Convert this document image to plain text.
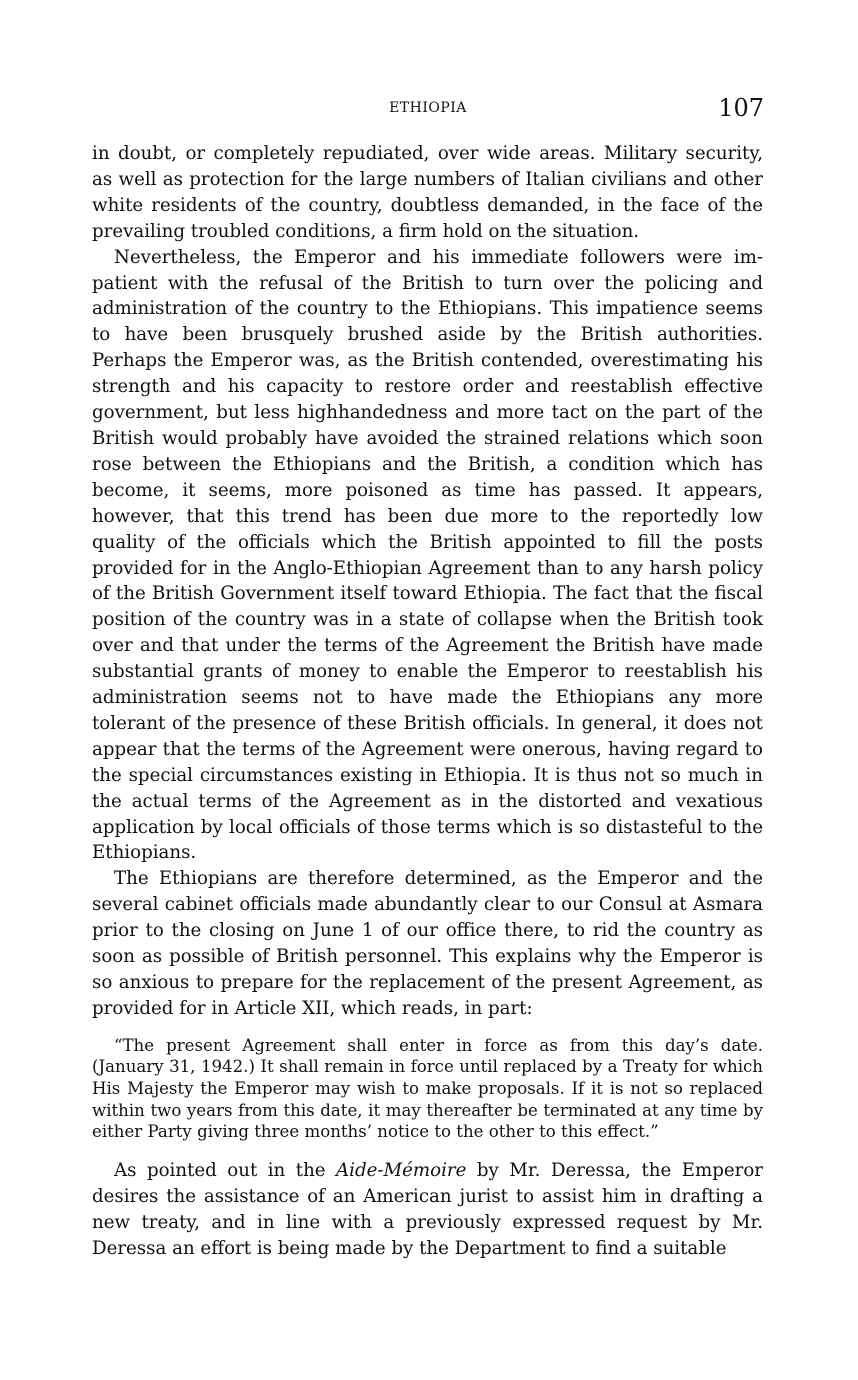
ETHIOPIA	107

in doubt, or completely repudiated, over wide areas. Military security, as well as protection for the large numbers of Italian civilians and other white residents of the country, doubtless demanded, in the face of the prevailing troubled conditions, a firm hold on the situation.

Nevertheless, the Emperor and his immediate followers were impatient with the refusal of the British to turn over the policing and administration of the country to the Ethiopians. This impatience seems to have been brusquely brushed aside by the British authorities. Perhaps the Emperor was, as the British contended, overestimating his strength and his capacity to restore order and reestablish effective government, but less highhandedness and more tact on the part of the British would probably have avoided the strained relations which soon rose between the Ethiopians and the British, a condition which has become, it seems, more poisoned as time has passed. It appears, however, that this trend has been due more to the reportedly low quality of the officials which the British appointed to fill the posts provided for in the Anglo-Ethiopian Agreement than to any harsh policy of the British Government itself toward Ethiopia. The fact that the fiscal position of the country was in a state of collapse when the British took over and that under the terms of the Agreement the British have made substantial grants of money to enable the Emperor to reestablish his administration seems not to have made the Ethiopians any more tolerant of the presence of these British officials. In general, it does not appear that the terms of the Agreement were onerous, having regard to the special circumstances existing in Ethiopia. It is thus not so much in the actual terms of the Agreement as in the distorted and vexatious application by local officials of those terms which is so distasteful to the Ethiopians.

The Ethiopians are therefore determined, as the Emperor and the several cabinet officials made abundantly clear to our Consul at Asmara prior to the closing on June 1 of our office there, to rid the country as soon as possible of British personnel. This explains why the Emperor is so anxious to prepare for the replacement of the present Agreement, as provided for in Article XII, which reads, in part:

“The present Agreement shall enter in force as from this day’s date. (January 31, 1942.) It shall remain in force until replaced by a Treaty for which His Majesty the Emperor may wish to make proposals. If it is not so replaced within two years from this date, it may thereafter be terminated at any time by either Party giving three months’ notice to the other to this effect.”

As pointed out in the Aide-Mémoire by Mr. Deressa, the Emperor desires the assistance of an American jurist to assist him in drafting a new treaty, and in line with a previously expressed request by Mr. Deressa an effort is being made by the Department to find a suitable
